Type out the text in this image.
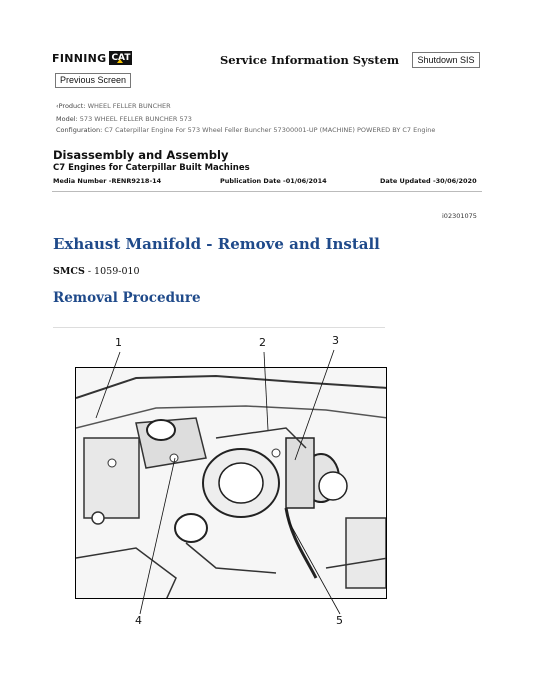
FINNING CAT	Service Information System	Shutdown SIS
Previous Screen
‹Product: WHEEL FELLER BUNCHER
Model: 573 WHEEL FELLER BUNCHER 573
Configuration: C7 Caterpillar Engine For 573 Wheel Feller Buncher 57300001-UP (MACHINE) POWERED BY C7 Engine
Disassembly and Assembly
C7 Engines for Caterpillar Built Machines
Media Number -RENR9218-14	Publication Date -01/06/2014	Date Updated -30/06/2020
i02301075
Exhaust Manifold - Remove and Install
SMCS - 1059-010
Removal Procedure
1	2	3
4	5
